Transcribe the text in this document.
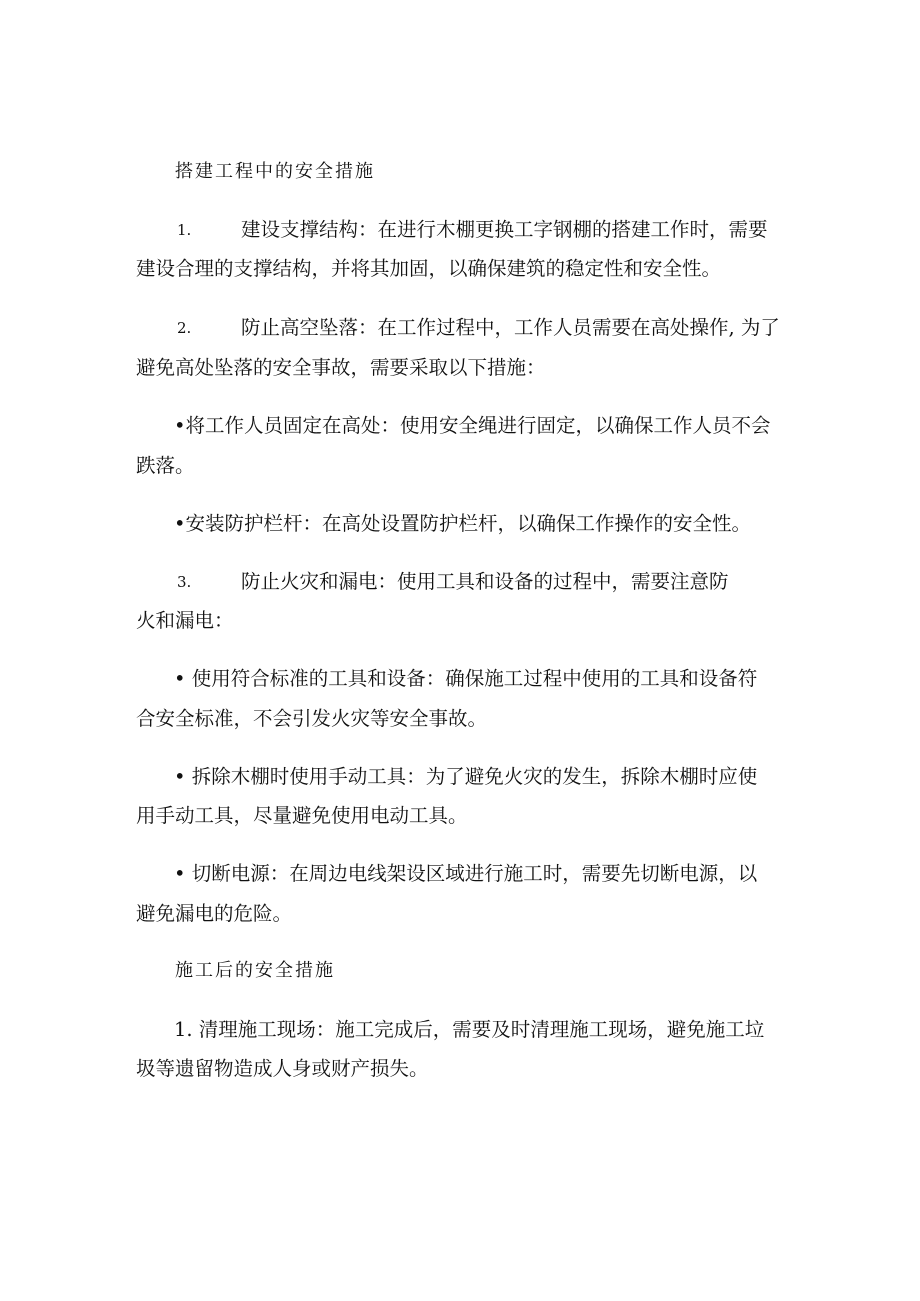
搭建工程中的安全措施
1.	建设支撑结构：在进行木棚更换工字钢棚的搭建工作时，需要
建设合理的支撑结构，并将其加固，以确保建筑的稳定性和安全性。
2.	防止高空坠落：在工作过程中，工作人员需要在高处操作, 为了
避免高处坠落的安全事故，需要采取以下措施：
•将工作人员固定在高处：使用安全绳进行固定，以确保工作人员不会
跌落。
•安装防护栏杆：在高处设置防护栏杆，以确保工作操作的安全性。
3.	防止火灾和漏电：使用工具和设备的过程中，需要注意防
火和漏电：
• 使用符合标准的工具和设备：确保施工过程中使用的工具和设备符
合安全标准，不会引发火灾等安全事故。
• 拆除木棚时使用手动工具：为了避免火灾的发生，拆除木棚时应使
用手动工具，尽量避免使用电动工具。
• 切断电源：在周边电线架设区域进行施工时，需要先切断电源，以
避免漏电的危险。
施工后的安全措施
1. 清理施工现场：施工完成后，需要及时清理施工现场，避免施工垃
圾等遗留物造成人身或财产损失。
